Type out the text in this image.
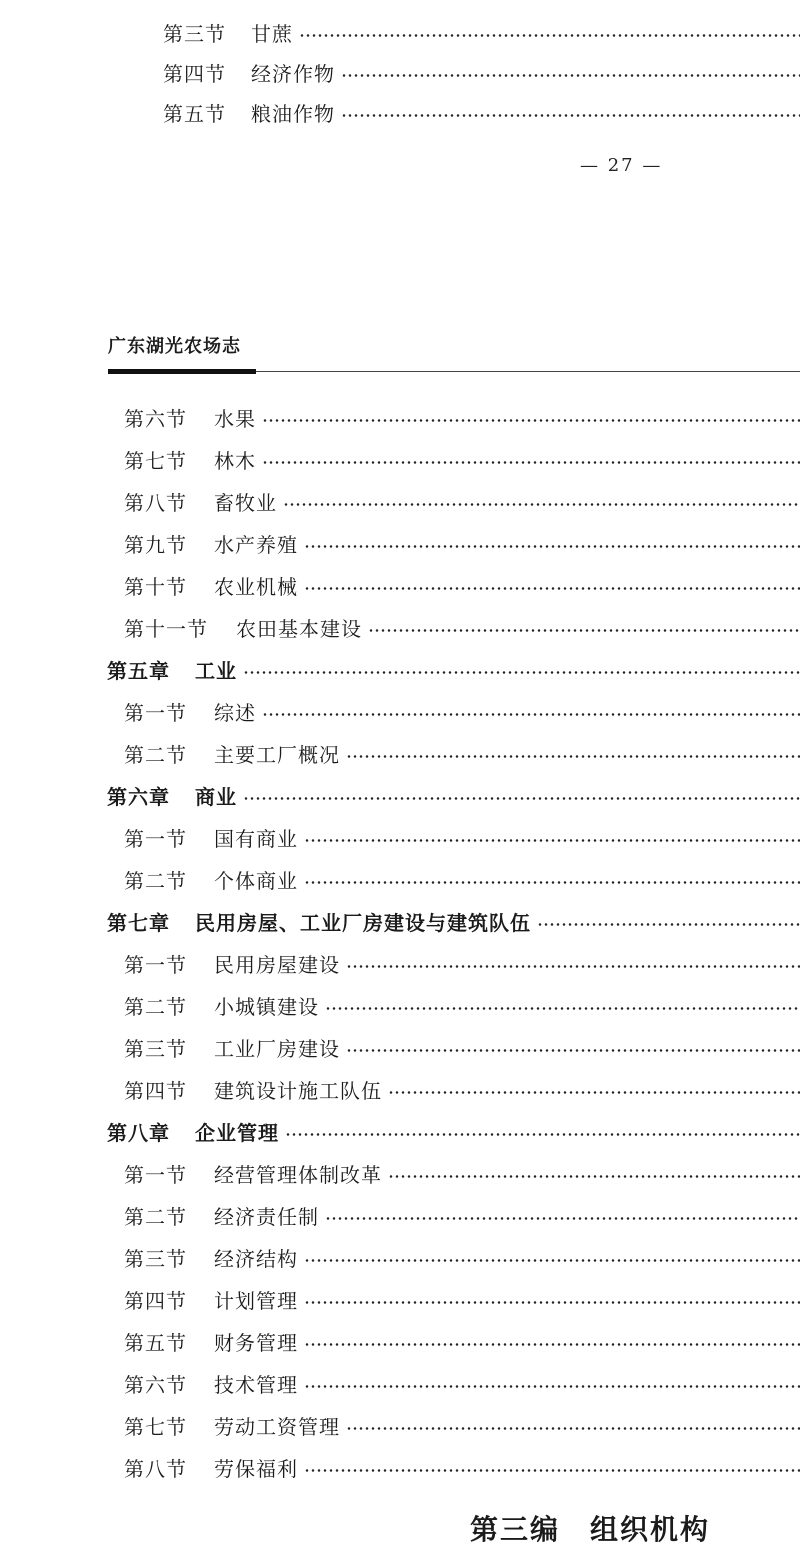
第三节	甘蔗
第四节	经济作物
第五节	粮油作物
— 27 —
广东湖光农场志
第六节	水果
第七节	林木
第八节	畜牧业
第九节	水产养殖
第十节	农业机械
第十一节	农田基本建设
第五章	工业
第一节	综述
第二节	主要工厂概况
第六章	商业
第一节	国有商业
第二节	个体商业
第七章	民用房屋、工业厂房建设与建筑队伍
第一节	民用房屋建设
第二节	小城镇建设
第三节	工业厂房建设
第四节	建筑设计施工队伍
第八章	企业管理
第一节	经营管理体制改革
第二节	经济责任制
第三节	经济结构
第四节	计划管理
第五节	财务管理
第六节	技术管理
第七节	劳动工资管理
第八节	劳保福利
第三编　组织机构
